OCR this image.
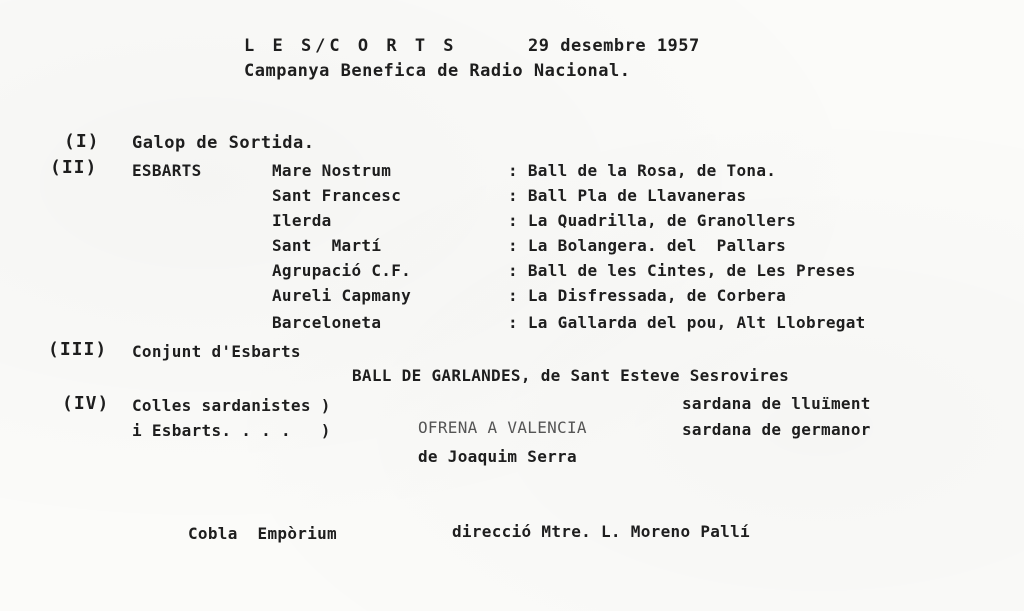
L E S/C O R T S	29 desembre 1957
Campanya Benefica de Radio Nacional.
(I) Galop de Sortida.
(II) ESBARTS	Mare Nostrum	: Ball de la Rosa, de Tona.
Sant Francesc	: Ball Pla de Llavaneras
Ilerda	: La Quadrilla, de Granollers
Sant  Martí	: La Bolangera. del  Pallars
Agrupació C.F.	: Ball de les Cintes, de Les Preses
Aureli Capmany	: La Disfressada, de Corbera
Barceloneta	: La Gallarda del pou, Alt Llobregat
(III) Conjunt d'Esbarts
BALL DE GARLANDES, de Sant Esteve Sesrovires
(IV) Colles sardanistes )
i Esbarts. . . .   )	OFRENA A VALENCIA
de Joaquim Serra
sardana de lluïment
sardana de germanor
Cobla  Empòrium	direcció Mtre. L. Moreno Pallí
